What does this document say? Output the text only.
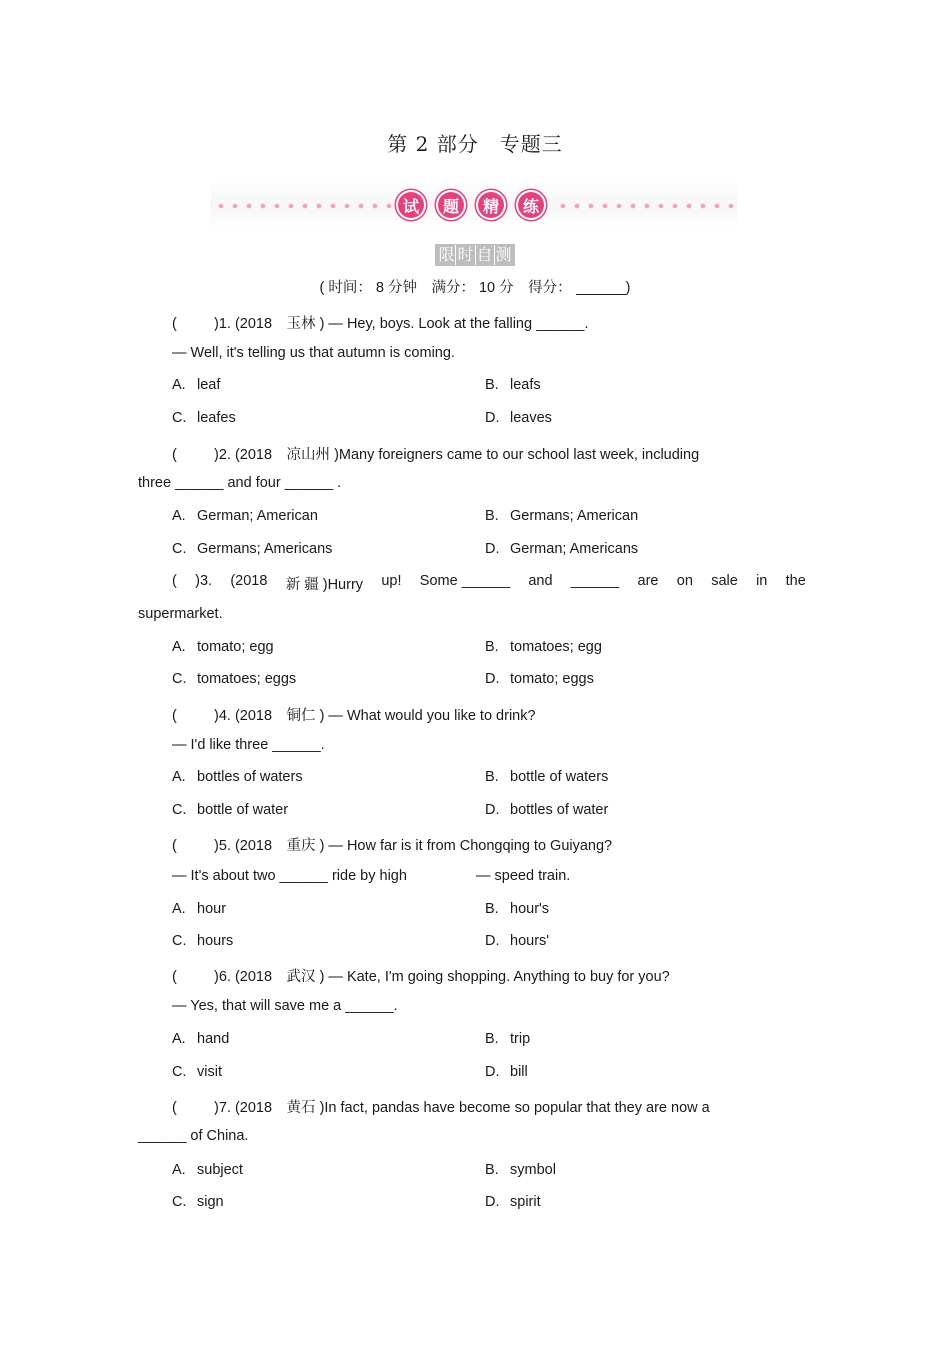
第 2 部分　专题三
试	题	精	练
限 时 自 测
( 时间： 8 分钟　满分： 10 分　得分：	)
(	)1. (2018　玉林 ) — Hey, boys. Look at the falling ______.
— Well, it's telling us that autumn is coming.
A. leaf	B. leafs
C. leafes	D. leaves
(	)2. (2018　凉山州 )Many foreigners came to our school last week, including
three ______ and four ______ .
A. German; American	B. Germans; American
C. Germans; Americans	D. German; Americans
( )3. (2018 新 疆 )Hurry up! Some ______ and ______ are on sale in the
supermarket.
A. tomato; egg	B. tomatoes; egg
C. tomatoes; eggs	D. tomato; eggs
(	)4. (2018　铜仁 ) — What would you like to drink?
— I'd like three ______.
A. bottles of waters	B. bottle of waters
C. bottle of water	D. bottles of water
(	)5. (2018　重庆 ) — How far is it from Chongqing to Guiyang?
— It's about two ______ ride by high	— speed train.
A. hour	B. hour's
C. hours	D. hours'
(	)6. (2018　武汉 ) — Kate, I'm going shopping. Anything to buy for you?
— Yes, that will save me a ______.
A. hand	B. trip
C. visit	D. bill
(	)7. (2018　黄石 )In fact, pandas have become so popular that they are now a
______ of China.
A. subject	B. symbol
C. sign	D. spirit
